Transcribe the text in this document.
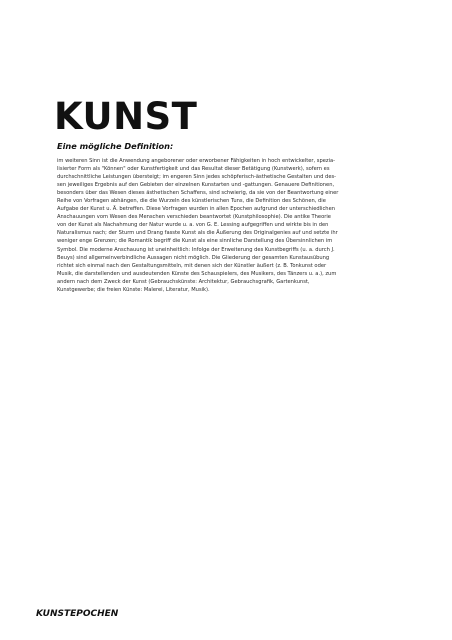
KUNST
Eine mögliche Definition:
im weiteren Sinn ist die Anwendung angeborener oder erworbener Fähigkeiten in hoch entwickelter, spezia-
lisierter Form als "Können" oder Kunstfertigkeit und das Resultat dieser Betätigung (Kunstwerk), sofern es
durchschnittliche Leistungen übersteigt; im engeren Sinn jedes schöpferisch-ästhetische Gestalten und des-
sen jeweiliges Ergebnis auf den Gebieten der einzelnen Kunstarten und -gattungen. Genauere Definitionen,
besonders über das Wesen dieses ästhetischen Schaffens, sind schwierig, da sie von der Beantwortung einer
Reihe von Vorfragen abhängen, die die Wurzeln des künstlerischen Tuns, die Definition des Schönen, die
Aufgabe der Kunst u. Ä. betreffen. Diese Vorfragen wurden in allen Epochen aufgrund der unterschiedlichen
Anschauungen vom Wesen des Menschen verschieden beantwortet (Kunstphilosophie). Die antike Theorie
von der Kunst als Nachahmung der Natur wurde u. a. von G. E. Lessing aufgegriffen und wirkte bis in den
Naturalismus nach; der Sturm und Drang fasste Kunst als die Äußerung des Originalgenies auf und setzte ihr
weniger enge Grenzen; die Romantik begriff die Kunst als eine sinnliche Darstellung des Übersinnlichen im
Symbol. Die moderne Anschauung ist uneinheitlich: Infolge der Erweiterung des Kunstbegriffs (u. a. durch J.
Beuys) sind allgemeinverbindliche Aussagen nicht möglich. Die Gliederung der gesamten Kunstausübung
richtet sich einmal nach den Gestaltungsmitteln, mit denen sich der Künstler äußert (z. B. Tonkunst oder
Musik, die darstellenden und ausdeutenden Künste des Schauspielers, des Musikers, des Tänzers u. a.), zum
andern nach dem Zweck der Kunst (Gebrauchskünste: Architektur, Gebrauchsgrafik, Gartenkunst,
Kunstgewerbe; die freien Künste: Malerei, Literatur, Musik).
KUNSTEPOCHEN
